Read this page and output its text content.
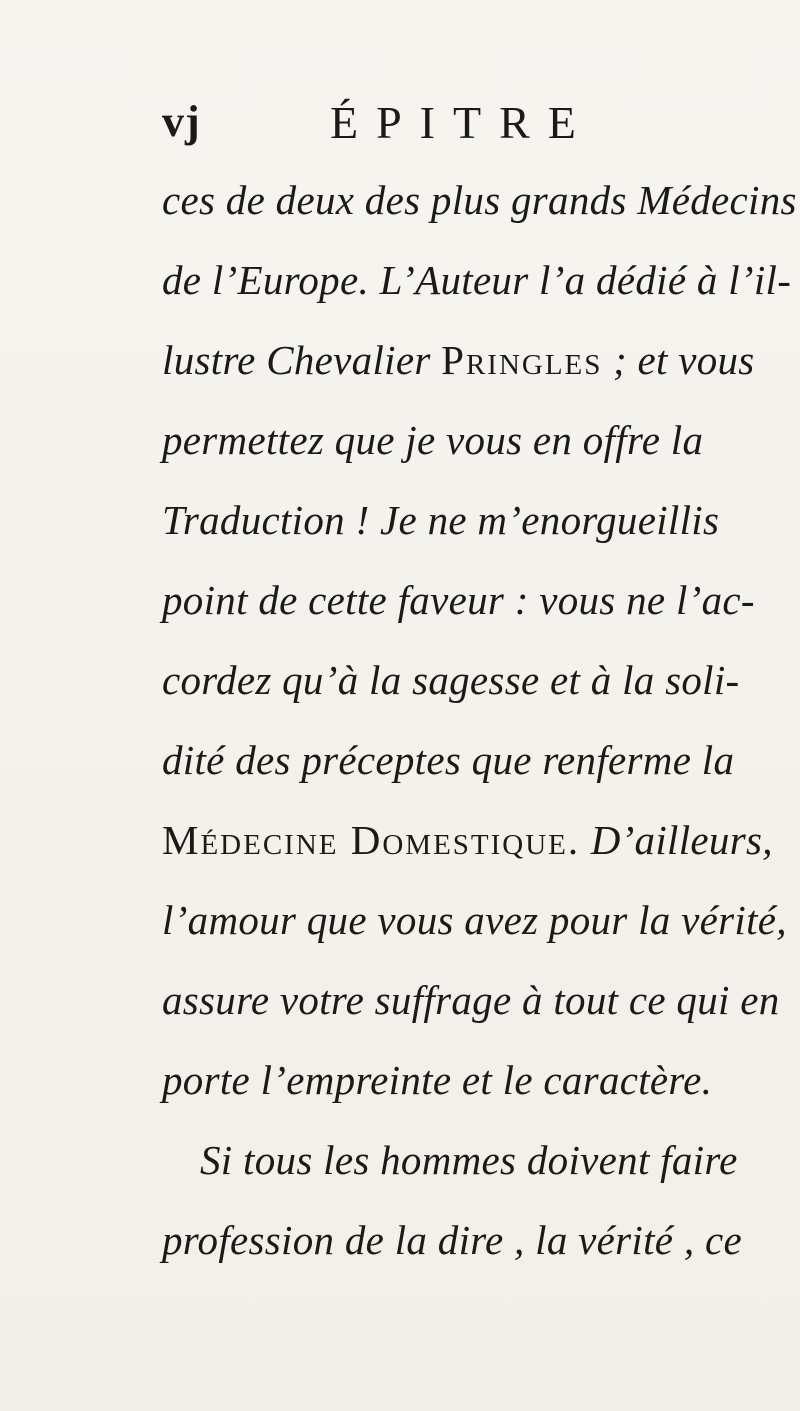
vj	ÉPITRE
ces de deux des plus grands Médecins
de l’Europe. L’Auteur l’a dédié à l’il-
lustre Chevalier Pringles ; et vous
permettez que je vous en offre la
Traduction ! Je ne m’enorgueillis
point de cette faveur : vous ne l’ac-
cordez qu’à la sagesse et à la soli-
dité des préceptes que renferme la
Médecine Domestique. D’ailleurs,
l’amour que vous avez pour la vérité,
assure votre suffrage à tout ce qui en
porte l’empreinte et le caractère.
Si tous les hommes doivent faire
profession de la dire , la vérité , ce
